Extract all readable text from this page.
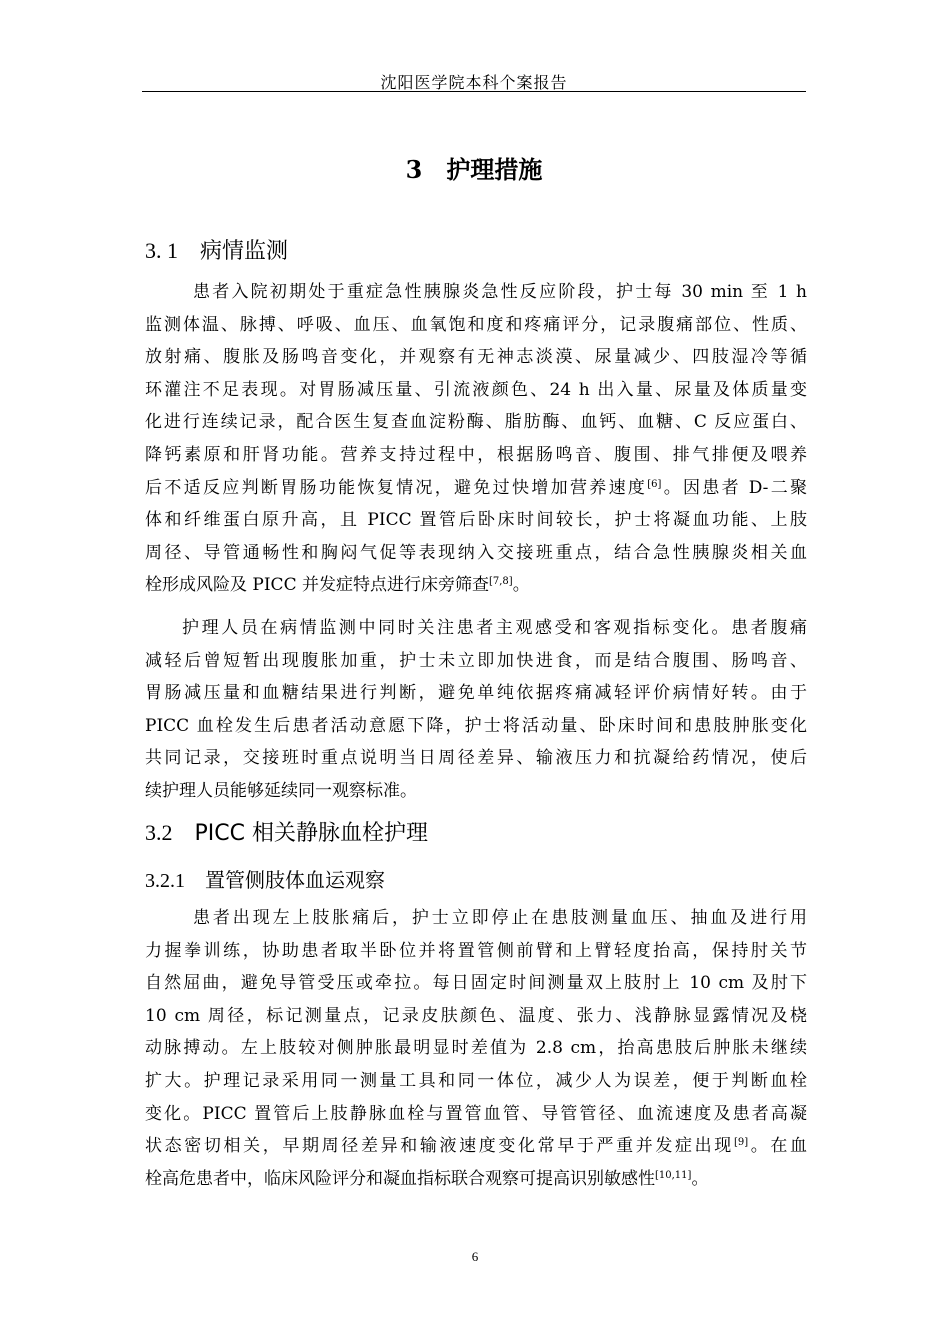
沈阳医学院本科个案报告
3 护理措施
3. 1 病情监测
患者入院初期处于重症急性胰腺炎急性反应阶段，护士每 30 min 至 1 h
监测体温、脉搏、呼吸、血压、血氧饱和度和疼痛评分，记录腹痛部位、性质、
放射痛、腹胀及肠鸣音变化，并观察有无神志淡漠、尿量减少、四肢湿冷等循
环灌注不足表现。对胃肠减压量、引流液颜色、24 h 出入量、尿量及体质量变
化进行连续记录，配合医生复查血淀粉酶、脂肪酶、血钙、血糖、C 反应蛋白、
降钙素原和肝肾功能。营养支持过程中，根据肠鸣音、腹围、排气排便及喂养
后不适反应判断胃肠功能恢复情况，避免过快增加营养速度[6]。因患者 D-二聚
体和纤维蛋白原升高，且 PICC 置管后卧床时间较长，护士将凝血功能、上肢
周径、导管通畅性和胸闷气促等表现纳入交接班重点，结合急性胰腺炎相关血
栓形成风险及 PICC 并发症特点进行床旁筛查[7,8]。
护理人员在病情监测中同时关注患者主观感受和客观指标变化。患者腹痛
减轻后曾短暂出现腹胀加重，护士未立即加快进食，而是结合腹围、肠鸣音、
胃肠减压量和血糖结果进行判断，避免单纯依据疼痛减轻评价病情好转。由于
PICC 血栓发生后患者活动意愿下降，护士将活动量、卧床时间和患肢肿胀变化
共同记录，交接班时重点说明当日周径差异、输液压力和抗凝给药情况，使后
续护理人员能够延续同一观察标准。
3.2 PICC 相关静脉血栓护理
3.2.1 置管侧肢体血运观察
患者出现左上肢胀痛后，护士立即停止在患肢测量血压、抽血及进行用
力握拳训练，协助患者取半卧位并将置管侧前臂和上臂轻度抬高，保持肘关节
自然屈曲，避免导管受压或牵拉。每日固定时间测量双上肢肘上 10 cm 及肘下
10 cm 周径，标记测量点，记录皮肤颜色、温度、张力、浅静脉显露情况及桡
动脉搏动。左上肢较对侧肿胀最明显时差值为 2.8 cm，抬高患肢后肿胀未继续
扩大。护理记录采用同一测量工具和同一体位，减少人为误差，便于判断血栓
变化。PICC 置管后上肢静脉血栓与置管血管、导管管径、血流速度及患者高凝
状态密切相关，早期周径差异和输液速度变化常早于严重并发症出现[9]。在血
栓高危患者中，临床风险评分和凝血指标联合观察可提高识别敏感性[10,11]。
6
